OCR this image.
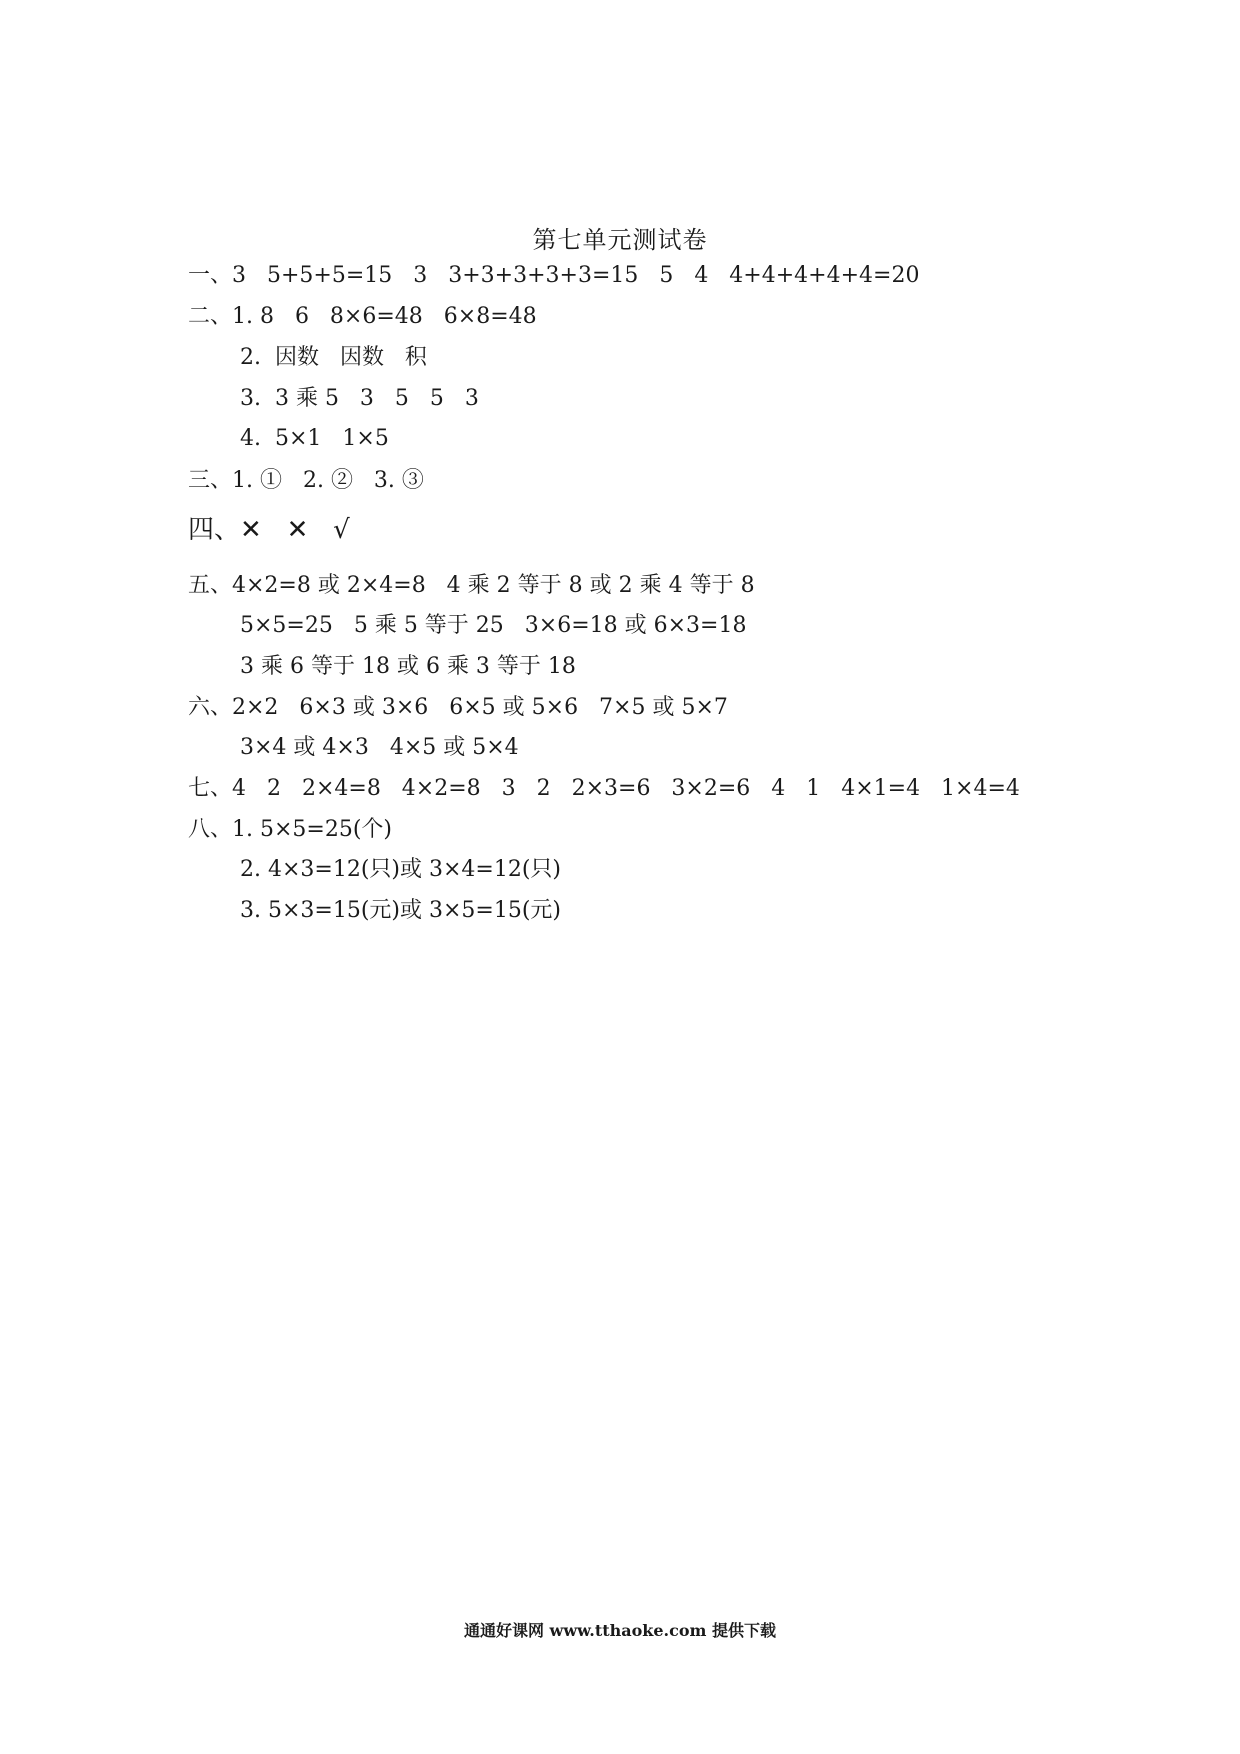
第七单元测试卷
一、3   5+5+5=15   3   3+3+3+3+3=15   5   4   4+4+4+4+4=20
二、1. 8   6   8×6=48   6×8=48
2.  因数   因数   积
3.  3 乘 5   3   5   5   3
4.  5×1   1×5
三、1. ①   2. ②   3. ③
四、✕   ✕   √
五、4×2=8 或 2×4=8   4 乘 2 等于 8 或 2 乘 4 等于 8
5×5=25   5 乘 5 等于 25   3×6=18 或 6×3=18
3 乘 6 等于 18 或 6 乘 3 等于 18
六、2×2   6×3 或 3×6   6×5 或 5×6   7×5 或 5×7
3×4 或 4×3   4×5 或 5×4
七、4   2   2×4=8   4×2=8   3   2   2×3=6   3×2=6   4   1   4×1=4   1×4=4
八、1. 5×5=25(个)
2. 4×3=12(只)或 3×4=12(只)
3. 5×3=15(元)或 3×5=15(元)
通通好课网 www.tthaoke.com 提供下载
